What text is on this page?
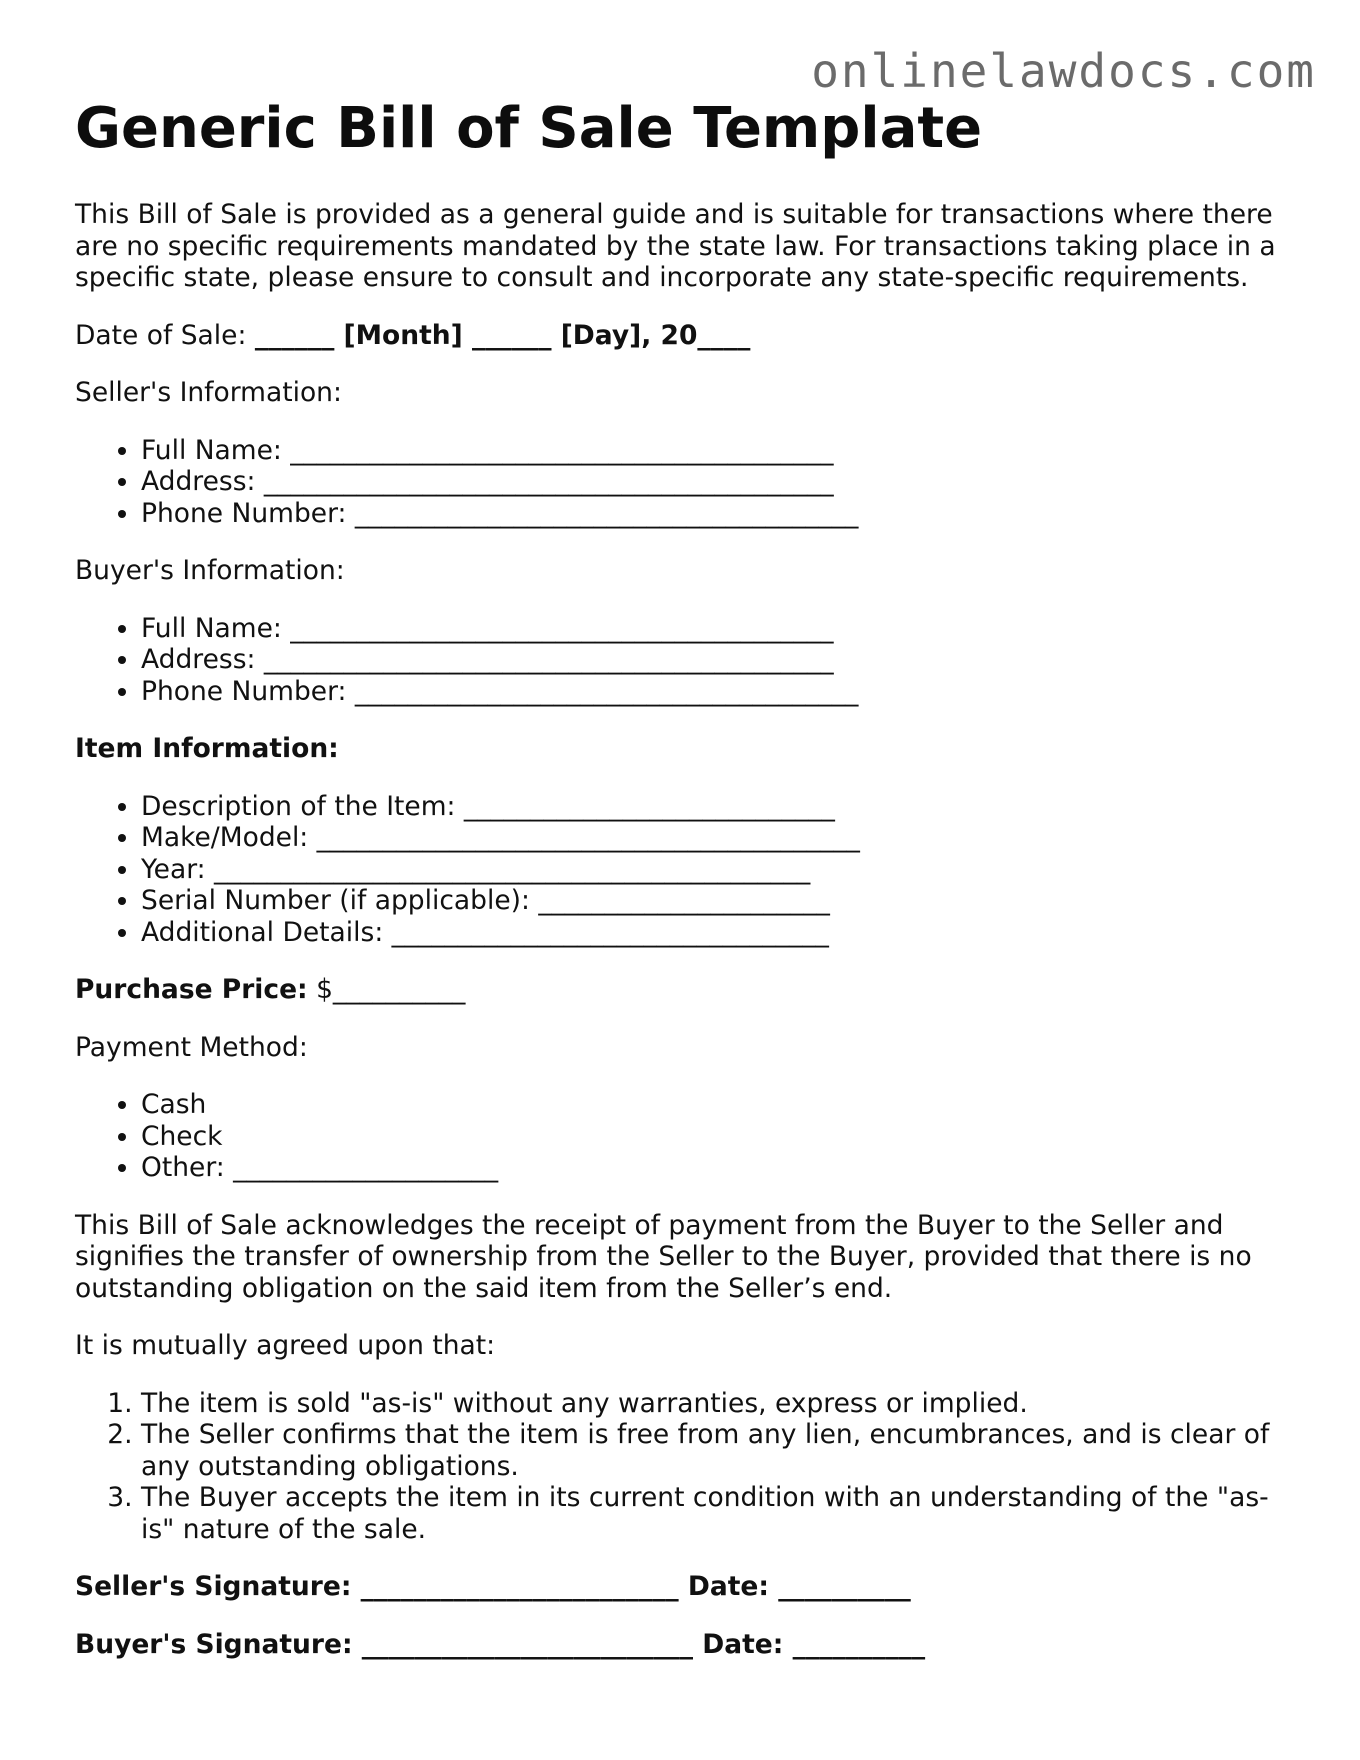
onlinelawdocs.com
Generic Bill of Sale Template

This Bill of Sale is provided as a general guide and is suitable for transactions where there are no specific requirements mandated by the state law. For transactions taking place in a specific state, please ensure to consult and incorporate any state-specific requirements.

Date of Sale: ______ [Month] ______ [Day], 20____

Seller's Information:

• Full Name: _________________________________________
• Address: ___________________________________________
• Phone Number: ______________________________________

Buyer's Information:

• Full Name: _________________________________________
• Address: ___________________________________________
• Phone Number: ______________________________________

Item Information:

• Description of the Item: ____________________________
• Make/Model: _________________________________________
• Year: _____________________________________________
• Serial Number (if applicable): ______________________
• Additional Details: _________________________________

Purchase Price: $__________

Payment Method:

• Cash
• Check
• Other: ____________________

This Bill of Sale acknowledges the receipt of payment from the Buyer to the Seller and signifies the transfer of ownership from the Seller to the Buyer, provided that there is no outstanding obligation on the said item from the Seller’s end.

It is mutually agreed upon that:

1. The item is sold "as-is" without any warranties, express or implied.
2. The Seller confirms that the item is free from any lien, encumbrances, and is clear of any outstanding obligations.
3. The Buyer accepts the item in its current condition with an understanding of the "as-is" nature of the sale.

Seller's Signature: ________________________ Date: __________

Buyer's Signature: _________________________ Date: __________
